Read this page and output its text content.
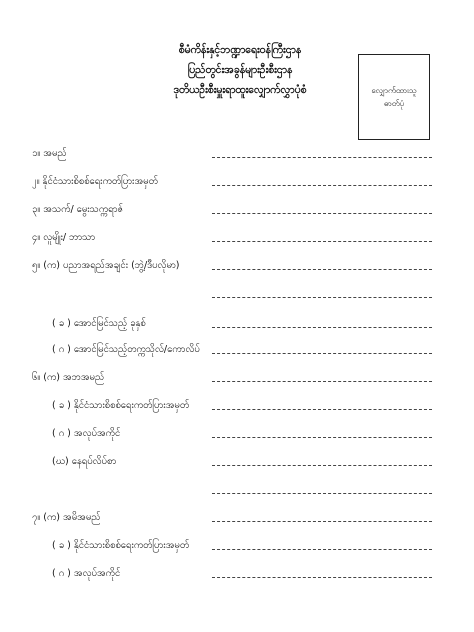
စီမံကိန်းနှင့်ဘဏ္ဍာရေးဝန်ကြီးဌာန
ပြည်တွင်းအခွန်များဦးစီးဌာန
ဒုတိယဦးစီးမှူးရာထူးလျှောက်လွှာပုံစံ	လျှောက်ထားသူ ဓာတ်ပုံ
၁။ အမည်
၂။ နိုင်ငံသားစိစစ်ရေးကတ်ပြားအမှတ်
၃။ အသက်/ မွေးသက္ကရာဇ်
၄။ လူမျိုး/ ဘာသာ
၅။ (က) ပညာအရည်အချင်း (ဘွဲ့/ဒီပလိုမာ)
( ခ ) အောင်မြင်သည့် ခုနှစ်
( ဂ ) အောင်မြင်သည့်တက္ကသိုလ်/ကောလိပ်
၆။ (က) အဘအမည်
( ခ ) နိုင်ငံသားစိစစ်ရေးကတ်ပြားအမှတ်
( ဂ ) အလုပ်အကိုင်
(ဃ) နေရပ်လိပ်စာ
၇။ (က) အမိအမည်
( ခ ) နိုင်ငံသားစိစစ်ရေးကတ်ပြားအမှတ်
( ဂ ) အလုပ်အကိုင်
